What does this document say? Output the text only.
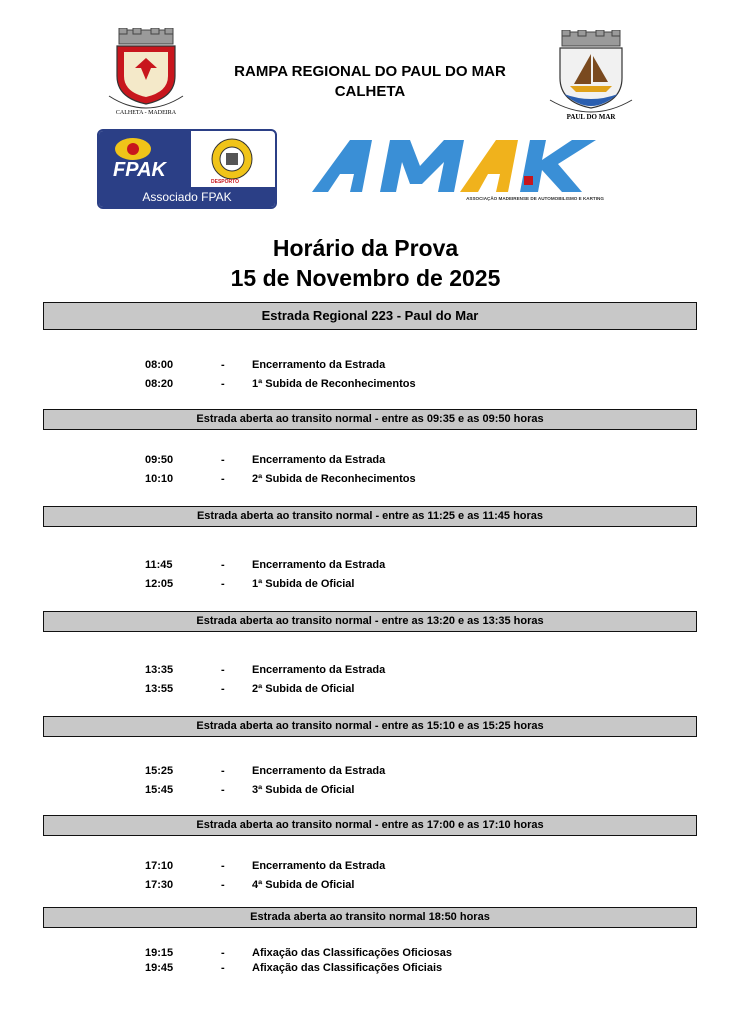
CALHETA - MADEIRA
RAMPA REGIONAL DO PAUL DO MAR
CALHETA
PAUL DO MAR
FPAK
DESPORTO
Associado FPAK
AMAK
ASSOCIAÇÃO MADEIRENSE DE AUTOMOBILISMO E KARTING
Horário da Prova
15 de Novembro de 2025
Estrada Regional 223 - Paul do Mar
08:00	- Encerramento da Estrada
08:20	- 1ª Subida de Reconhecimentos
Estrada aberta ao transito normal - entre as 09:35 e as 09:50 horas
09:50	- Encerramento da Estrada
10:10	- 2ª Subida de Reconhecimentos
Estrada aberta ao transito normal - entre as 11:25 e as 11:45 horas
11:45	- Encerramento da Estrada
12:05	- 1ª Subida de Oficial
Estrada aberta ao transito normal - entre as 13:20 e as 13:35 horas
13:35	- Encerramento da Estrada
13:55	- 2ª Subida de Oficial
Estrada aberta ao transito normal - entre as 15:10 e as 15:25 horas
15:25	- Encerramento da Estrada
15:45	- 3ª Subida de Oficial
Estrada aberta ao transito normal - entre as 17:00 e as 17:10 horas
17:10	- Encerramento da Estrada
17:30	- 4ª Subida de Oficial
Estrada aberta ao transito normal 18:50 horas
19:15	- Afixação das Classificações Oficiosas
19:45	- Afixação das Classificações Oficiais
